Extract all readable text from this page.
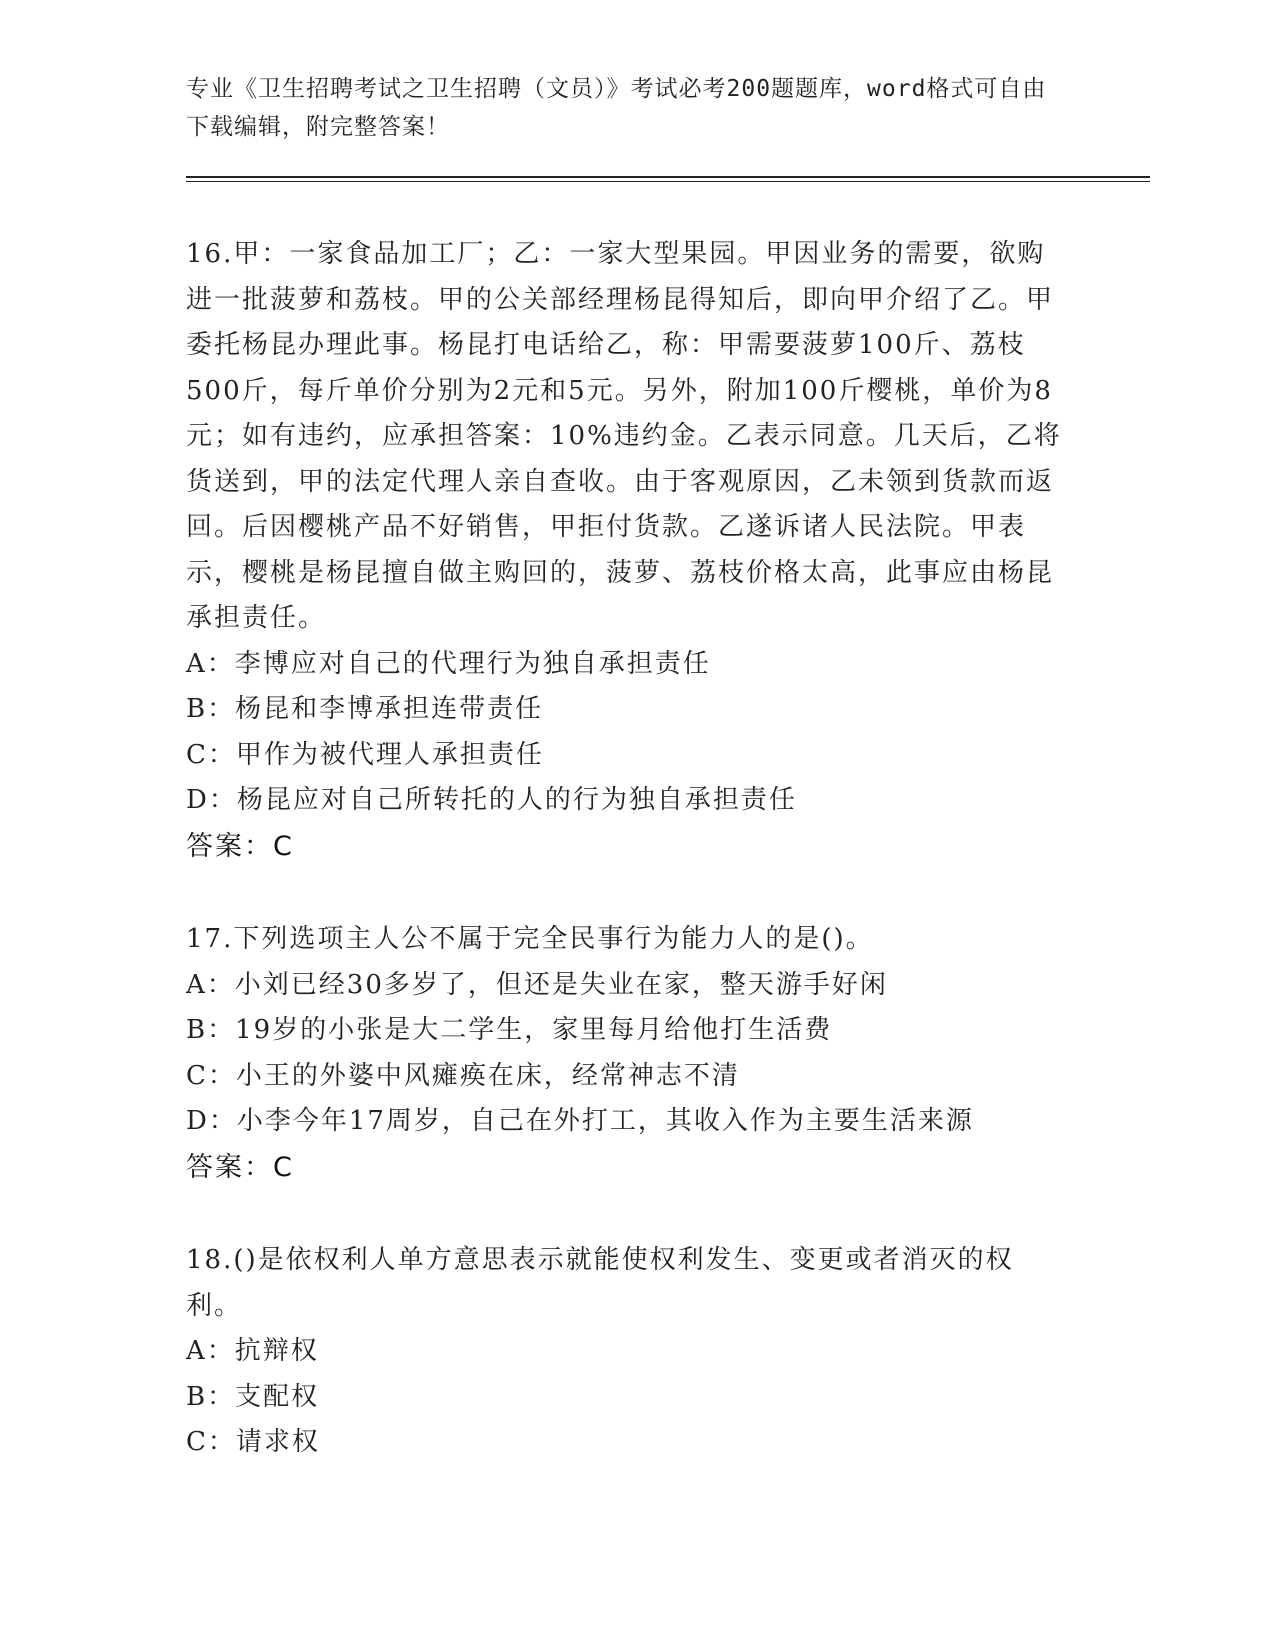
专业《卫生招聘考试之卫生招聘（文员）》考试必考200题题库，word格式可自由下载编辑，附完整答案！
16.甲：一家食品加工厂；乙：一家大型果园。甲因业务的需要，欲购进一批菠萝和荔枝。甲的公关部经理杨昆得知后，即向甲介绍了乙。甲委托杨昆办理此事。杨昆打电话给乙，称：甲需要菠萝100斤、荔枝500斤，每斤单价分别为2元和5元。另外，附加100斤樱桃，单价为8元；如有违约，应承担答案：10%违约金。乙表示同意。几天后，乙将货送到，甲的法定代理人亲自查收。由于客观原因，乙未领到货款而返回。后因樱桃产品不好销售，甲拒付货款。乙遂诉诸人民法院。甲表示，樱桃是杨昆擅自做主购回的，菠萝、荔枝价格太高，此事应由杨昆承担责任。
A：李博应对自己的代理行为独自承担责任
B：杨昆和李博承担连带责任
C：甲作为被代理人承担责任
D：杨昆应对自己所转托的人的行为独自承担责任
答案：C
17.下列选项主人公不属于完全民事行为能力人的是()。
A：小刘已经30多岁了，但还是失业在家，整天游手好闲
B：19岁的小张是大二学生，家里每月给他打生活费
C：小王的外婆中风瘫痪在床，经常神志不清
D：小李今年17周岁，自己在外打工，其收入作为主要生活来源
答案：C
18.()是依权利人单方意思表示就能使权利发生、变更或者消灭的权利。
A：抗辩权
B：支配权
C：请求权
